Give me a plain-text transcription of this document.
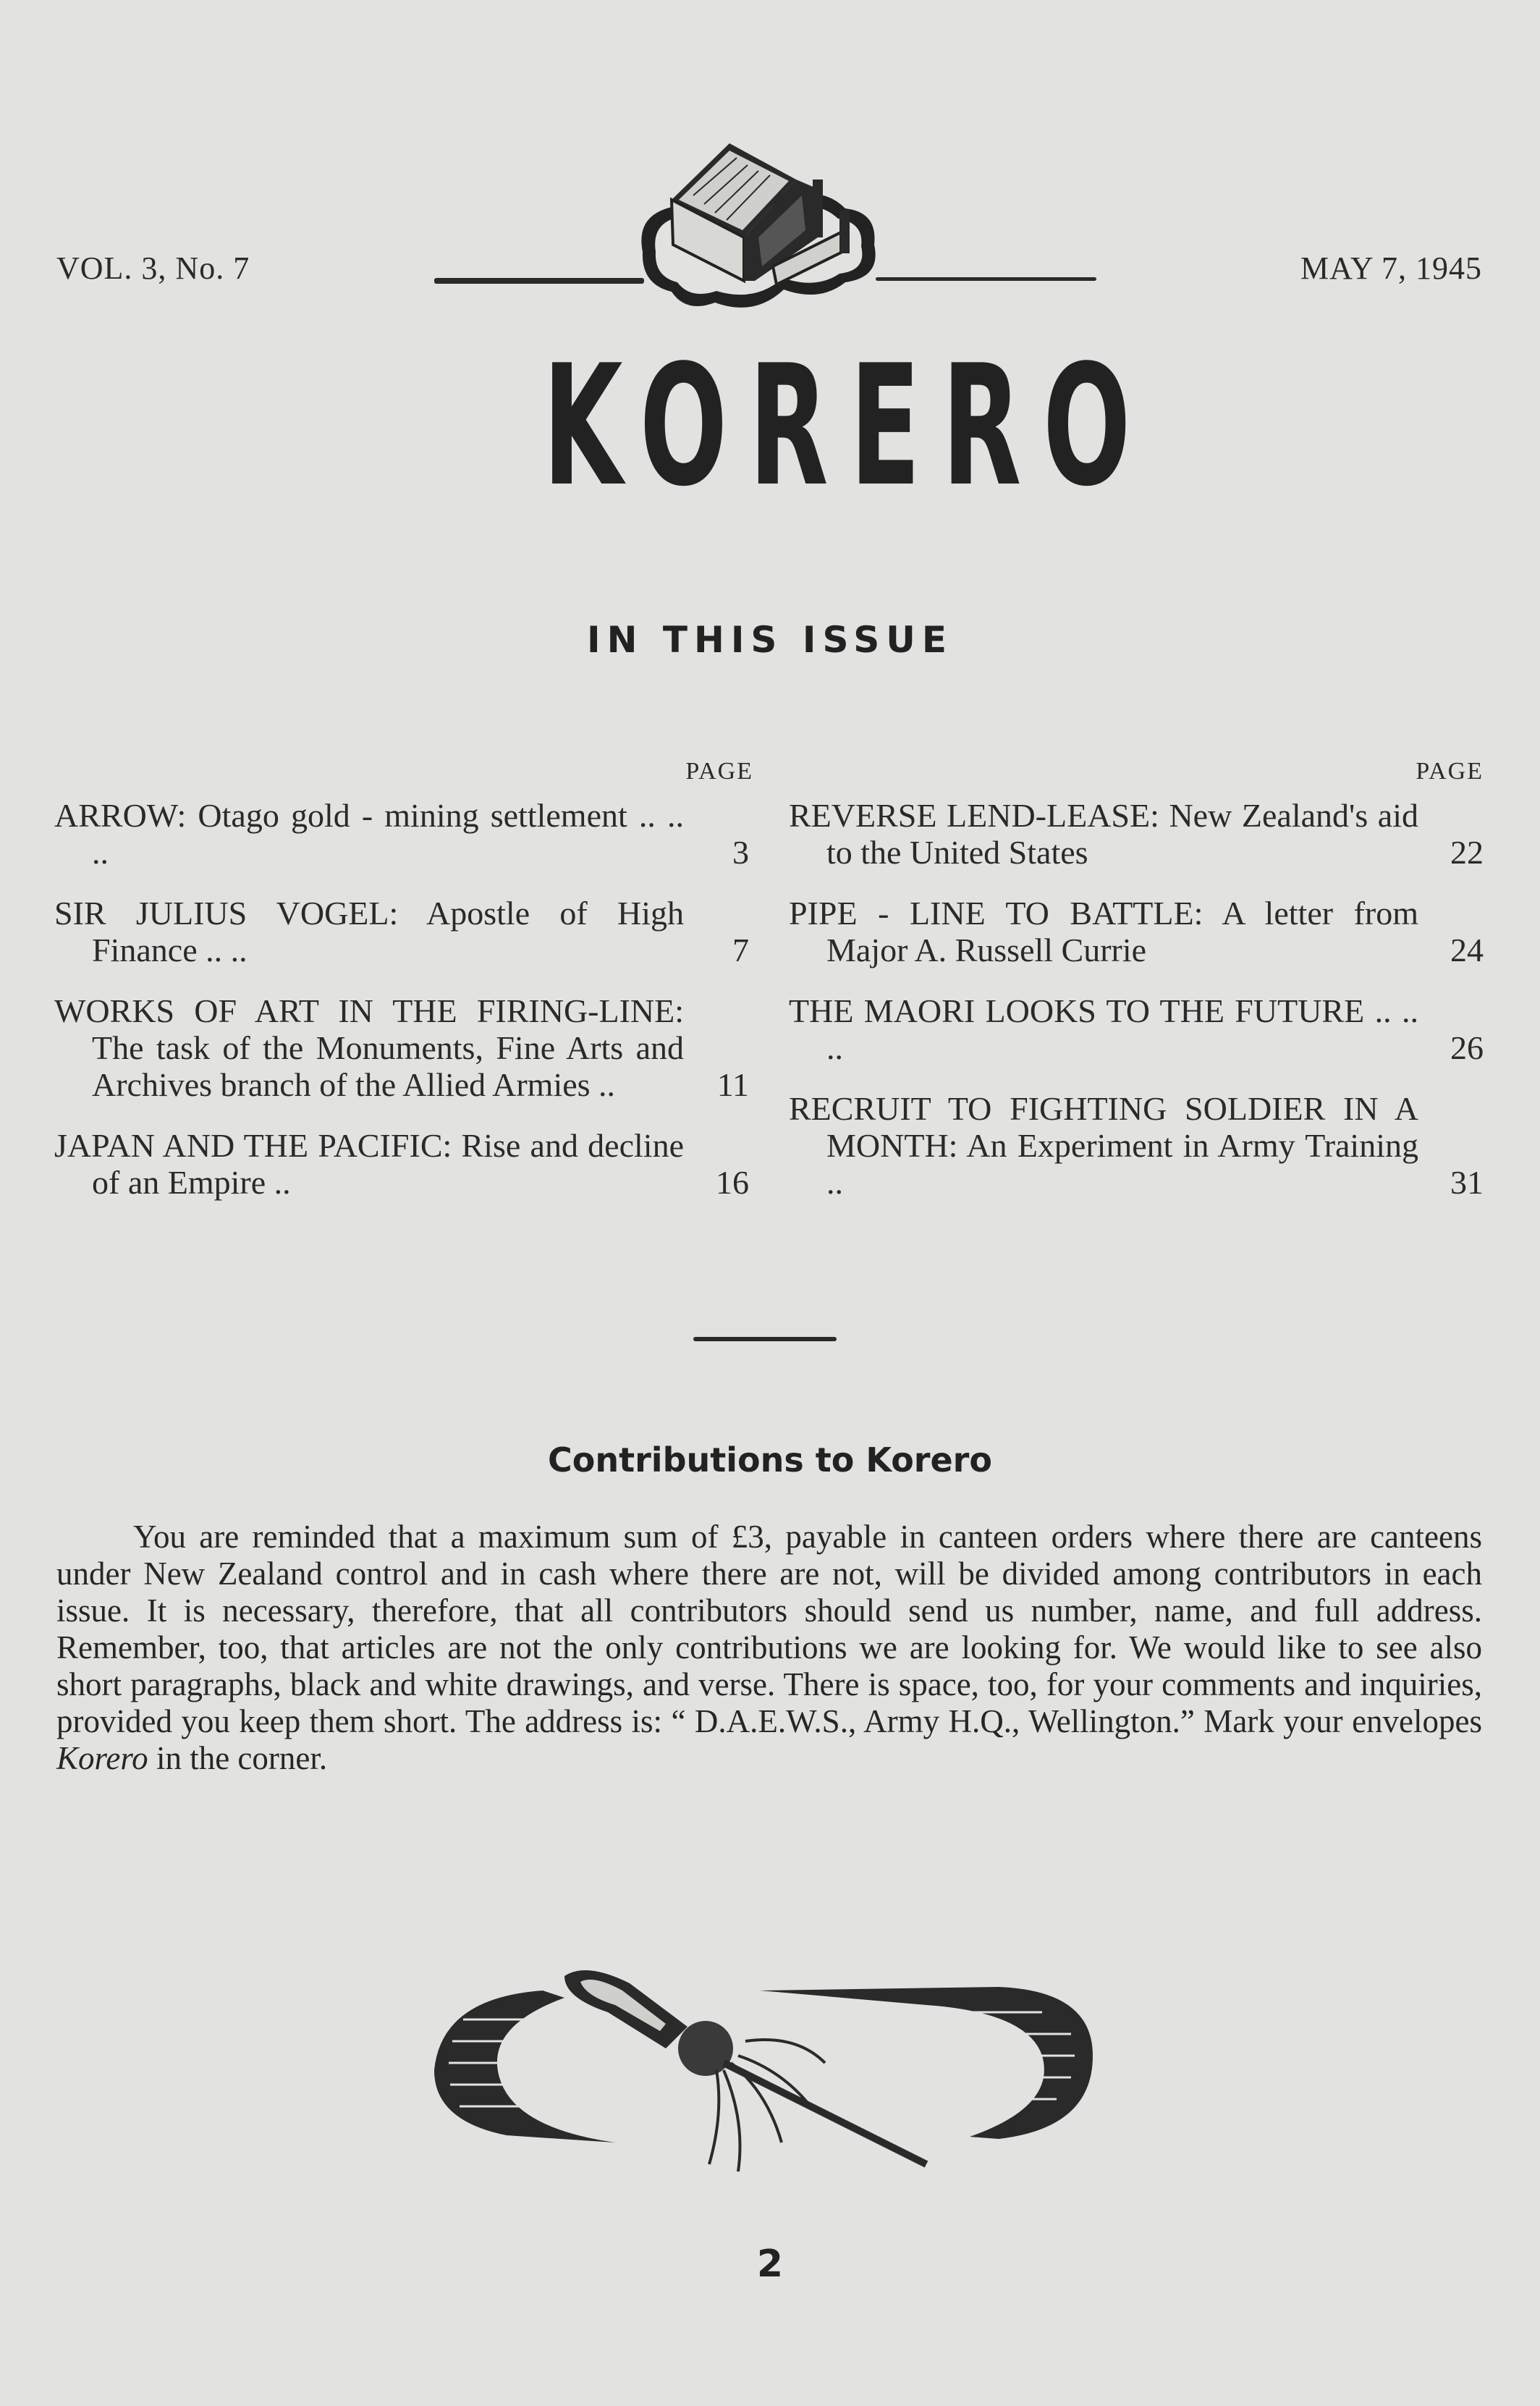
VOL. 3, No. 7	MAY 7, 1945
KORERO
IN THIS ISSUE
PAGE
ARROW: Otago gold - mining settlement .. .. ..	3
SIR JULIUS VOGEL: Apostle of High Finance .. ..	7
WORKS OF ART IN THE FIRING-LINE: The task of the Monuments, Fine Arts and Archives branch of the Allied Armies ..	11
JAPAN AND THE PACIFIC: Rise and decline of an Empire ..	16
PAGE
REVERSE LEND-LEASE: New Zealand's aid to the United States	22
PIPE - LINE TO BATTLE: A letter from Major A. Russell Currie	24
THE MAORI LOOKS TO THE FUTURE .. .. ..	26
RECRUIT TO FIGHTING SOLDIER IN A MONTH: An Experiment in Army Training ..	31
Contributions to Korero
You are reminded that a maximum sum of £3, payable in canteen orders where there are canteens under New Zealand control and in cash where there are not, will be divided among contributors in each issue. It is necessary, therefore, that all contributors should send us number, name, and full address. Remember, too, that articles are not the only contributions we are looking for. We would like to see also short paragraphs, black and white drawings, and verse. There is space, too, for your comments and inquiries, provided you keep them short. The address is: “ D.A.E.W.S., Army H.Q., Wellington.” Mark your envelopes Korero in the corner.
2
